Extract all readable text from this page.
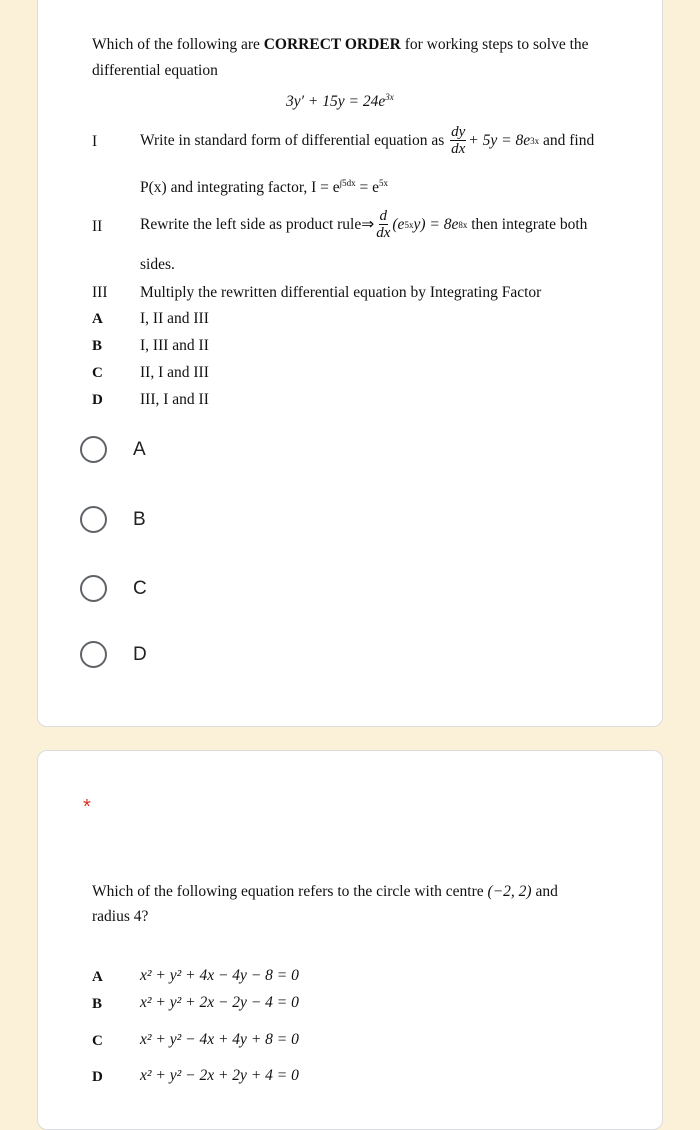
Which of the following are CORRECT ORDER for working steps to solve the
differential equation
$3y' + 15y = 24e^{3x}$
I	Write in standard form of differential equation as
$\frac{dy}{dx} + 5y = 8e$ 3x
and find
P(x) and integrating factor, $I = e^{\int 5dx} = e^{5x}$
II Rewrite the left side as product rule⇒ $\frac{d}{dx} (e$ 5x y) = 8e 8x
then integrate both
sides.
III Multiply the rewritten differential equation by Integrating Factor
A I, II and III
B I, III and II
C II, I and III
D III, I and II
A
B
C
D
*
Which of the following equation refers to the circle with centre (−2, 2) and
radius 4?
A x² + y² + 4x − 4y − 8 = 0
B x² + y² + 2x − 2y − 4 = 0
C x² + y² − 4x + 4y + 8 = 0
D x² + y² − 2x + 2y + 4 = 0
